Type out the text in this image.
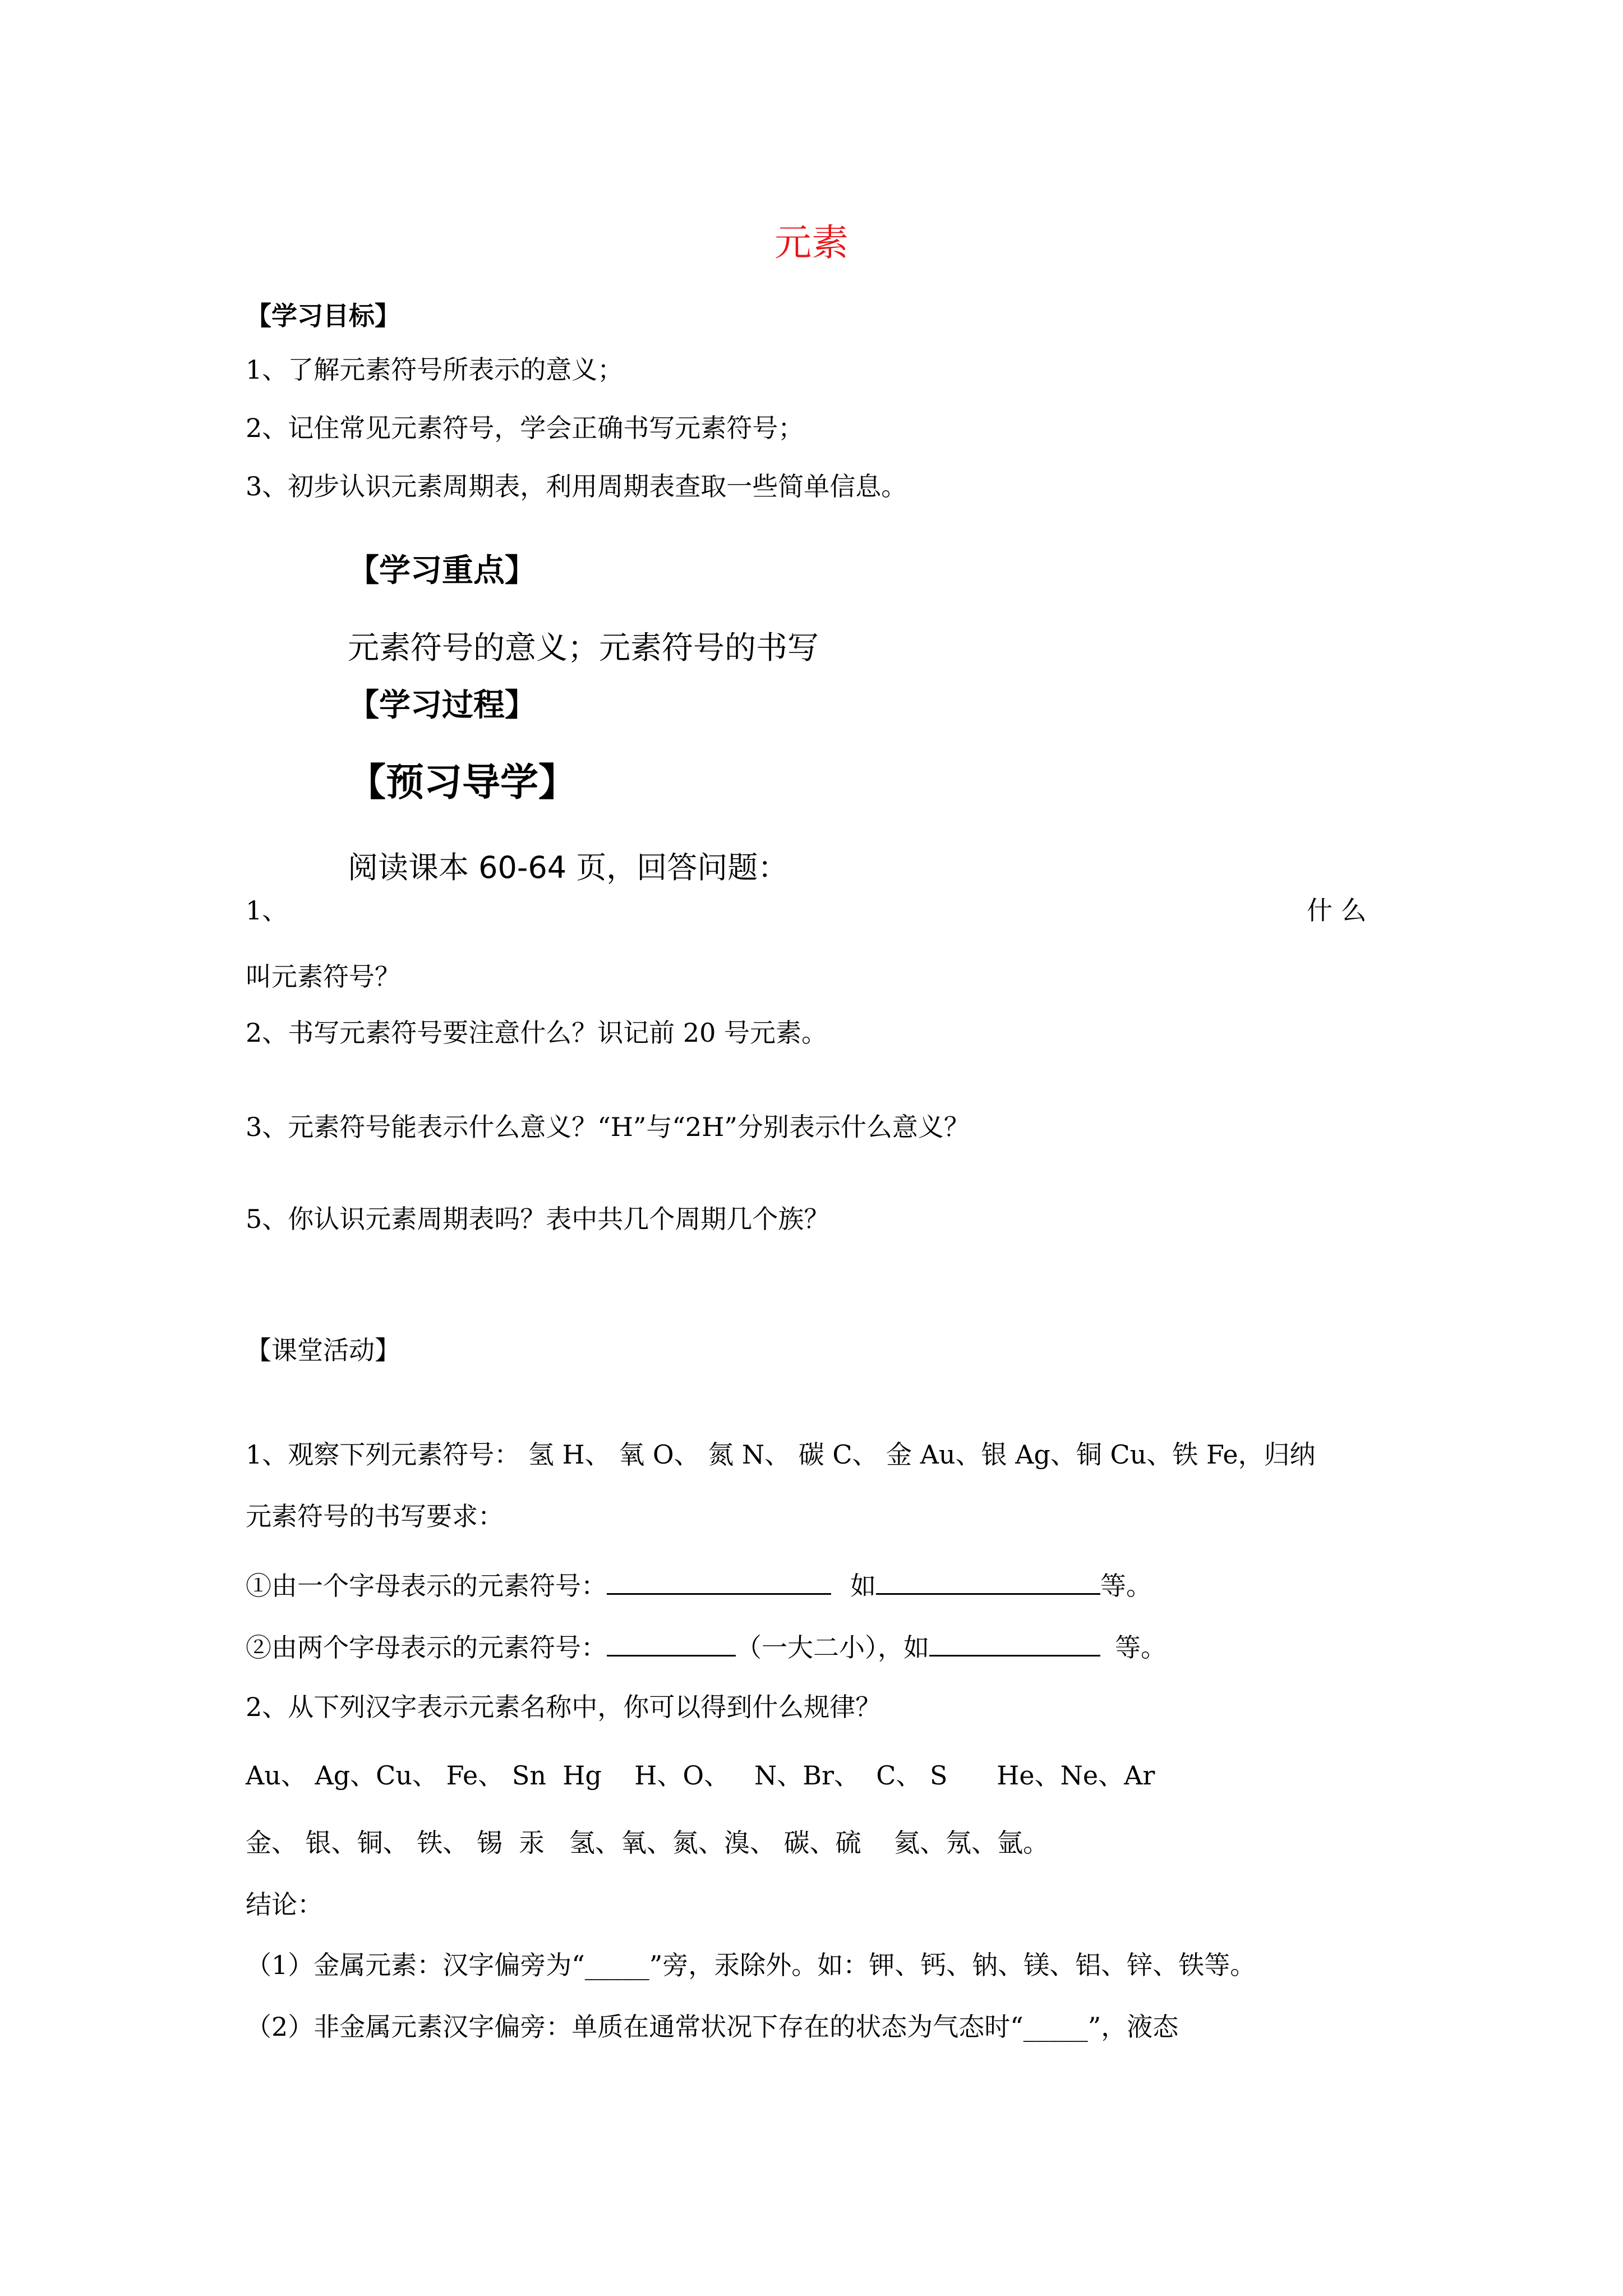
元素
【学习目标】
1、了解元素符号所表示的意义；
2、记住常见元素符号，学会正确书写元素符号；
3、初步认识元素周期表，利用周期表查取一些简单信息。
【学习重点】
元素符号的意义；元素符号的书写
【学习过程】
【预习导学】
阅读课本 60-64 页，回答问题：
1、	什 么
叫元素符号？
2、书写元素符号要注意什么？识记前 20 号元素。
3、元素符号能表示什么意义？“H”与“2H”分别表示什么意义？
5、你认识元素周期表吗？表中共几个周期几个族？
【课堂活动】
1、观察下列元素符号： 氢 H、 氧 O、 氮 N、 碳 C、 金 Au、银 Ag、铜 Cu、铁 Fe，归纳
元素符号的书写要求：
①由一个字母表示的元素符号：	如	等。
②由两个字母表示的元素符号：	（一大二小），如	等。
2、从下列汉字表示元素名称中，你可以得到什么规律？
Au、 Ag、Cu、 Fe、 Sn  Hg    H、O、   N、Br、  C、 S      He、Ne、Ar
金、 银、铜、 铁、 锡  汞   氢、氧、氮、溴、 碳、硫    氦、氖、氩。
结论：
（1）金属元素：汉字偏旁为“_____”旁，汞除外。如：钾、钙、钠、镁、铝、锌、铁等。
（2）非金属元素汉字偏旁：单质在通常状况下存在的状态为气态时“_____”，液态
